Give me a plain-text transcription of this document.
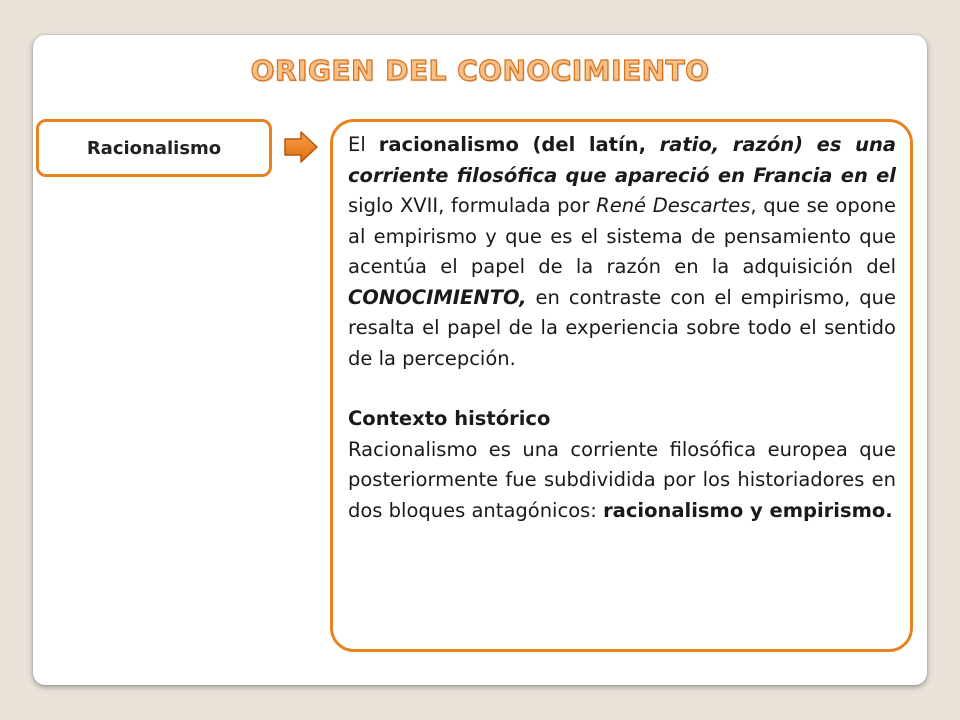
ORIGEN DEL CONOCIMIENTO
Racionalismo	El racionalismo (del latín, ratio, razón) es una corriente filosófica que apareció en Francia en el siglo XVII, formulada por René Descartes, que se opone al empirismo y que es el sistema de pensamiento que acentúa el papel de la razón en la adquisición del CONOCIMIENTO, en contraste con el empirismo, que resalta el papel de la experiencia sobre todo el sentido de la percepción.

Contexto histórico

Racionalismo es una corriente filosófica europea que posteriormente fue subdividida por los historiadores en dos bloques antagónicos: racionalismo y empirismo.
